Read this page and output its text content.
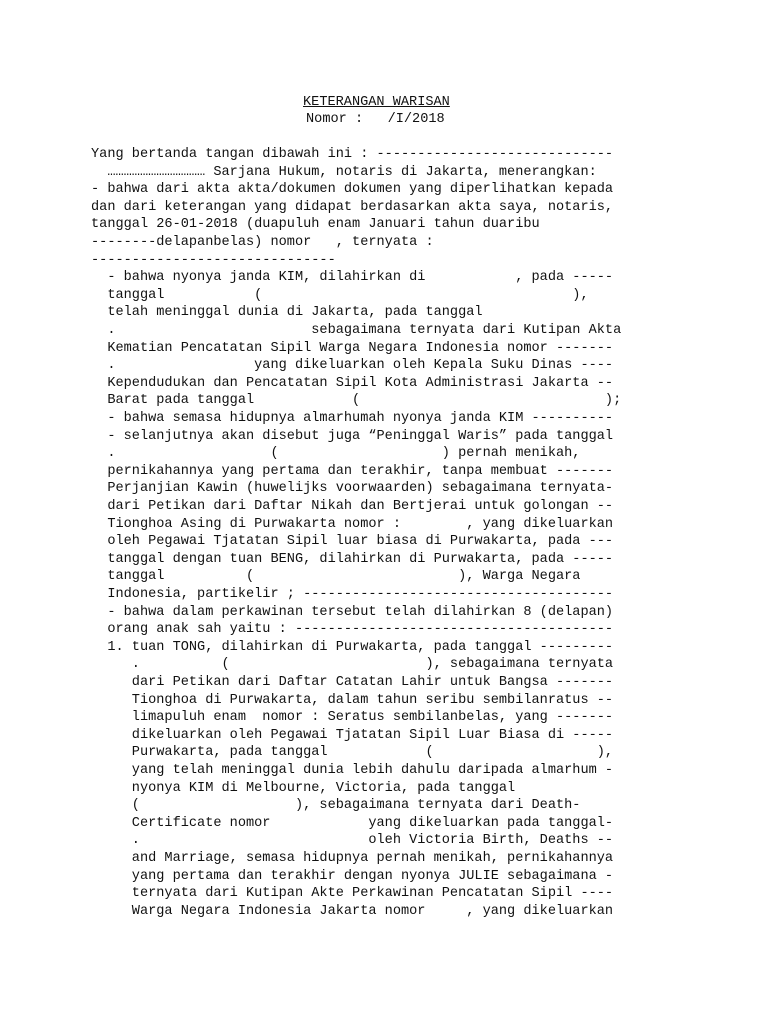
KETERANGAN WARISAN
Nomor :   /I/2018
Yang bertanda tangan dibawah ini : -----------------------------
……………………………… Sarjana Hukum, notaris di Jakarta, menerangkan:
- bahwa dari akta akta/dokumen dokumen yang diperlihatkan kepada
dan dari keterangan yang didapat berdasarkan akta saya, notaris,
tanggal 26-01-2018 (duapuluh enam Januari tahun duaribu
--------delapanbelas) nomor   , ternyata :
------------------------------
- bahwa nyonya janda KIM, dilahirkan di           , pada -----
tanggal           (                                      ),
telah meninggal dunia di Jakarta, pada tanggal
.                        sebagaimana ternyata dari Kutipan Akta
Kematian Pencatatan Sipil Warga Negara Indonesia nomor -------
.                 yang dikeluarkan oleh Kepala Suku Dinas ----
Kependudukan dan Pencatatan Sipil Kota Administrasi Jakarta --
Barat pada tanggal            (                              );
- bahwa semasa hidupnya almarhumah nyonya janda KIM ----------
- selanjutnya akan disebut juga “Peninggal Waris” pada tanggal
.                   (                    ) pernah menikah,
pernikahannya yang pertama dan terakhir, tanpa membuat -------
Perjanjian Kawin (huwelijks voorwaarden) sebagaimana ternyata-
dari Petikan dari Daftar Nikah dan Bertjerai untuk golongan --
Tionghoa Asing di Purwakarta nomor :        , yang dikeluarkan
oleh Pegawai Tjatatan Sipil luar biasa di Purwakarta, pada ---
tanggal dengan tuan BENG, dilahirkan di Purwakarta, pada -----
tanggal          (                         ), Warga Negara
Indonesia, partikelir ; --------------------------------------
- bahwa dalam perkawinan tersebut telah dilahirkan 8 (delapan)
orang anak sah yaitu : ---------------------------------------
1. tuan TONG, dilahirkan di Purwakarta, pada tanggal ---------
.          (                        ), sebagaimana ternyata
dari Petikan dari Daftar Catatan Lahir untuk Bangsa -------
Tionghoa di Purwakarta, dalam tahun seribu sembilanratus --
limapuluh enam  nomor : Seratus sembilanbelas, yang -------
dikeluarkan oleh Pegawai Tjatatan Sipil Luar Biasa di -----
Purwakarta, pada tanggal            (                    ),
yang telah meninggal dunia lebih dahulu daripada almarhum -
nyonya KIM di Melbourne, Victoria, pada tanggal
(                   ), sebagaimana ternyata dari Death-
Certificate nomor            yang dikeluarkan pada tanggal-
.                            oleh Victoria Birth, Deaths --
and Marriage, semasa hidupnya pernah menikah, pernikahannya
yang pertama dan terakhir dengan nyonya JULIE sebagaimana -
ternyata dari Kutipan Akte Perkawinan Pencatatan Sipil ----
Warga Negara Indonesia Jakarta nomor     , yang dikeluarkan
